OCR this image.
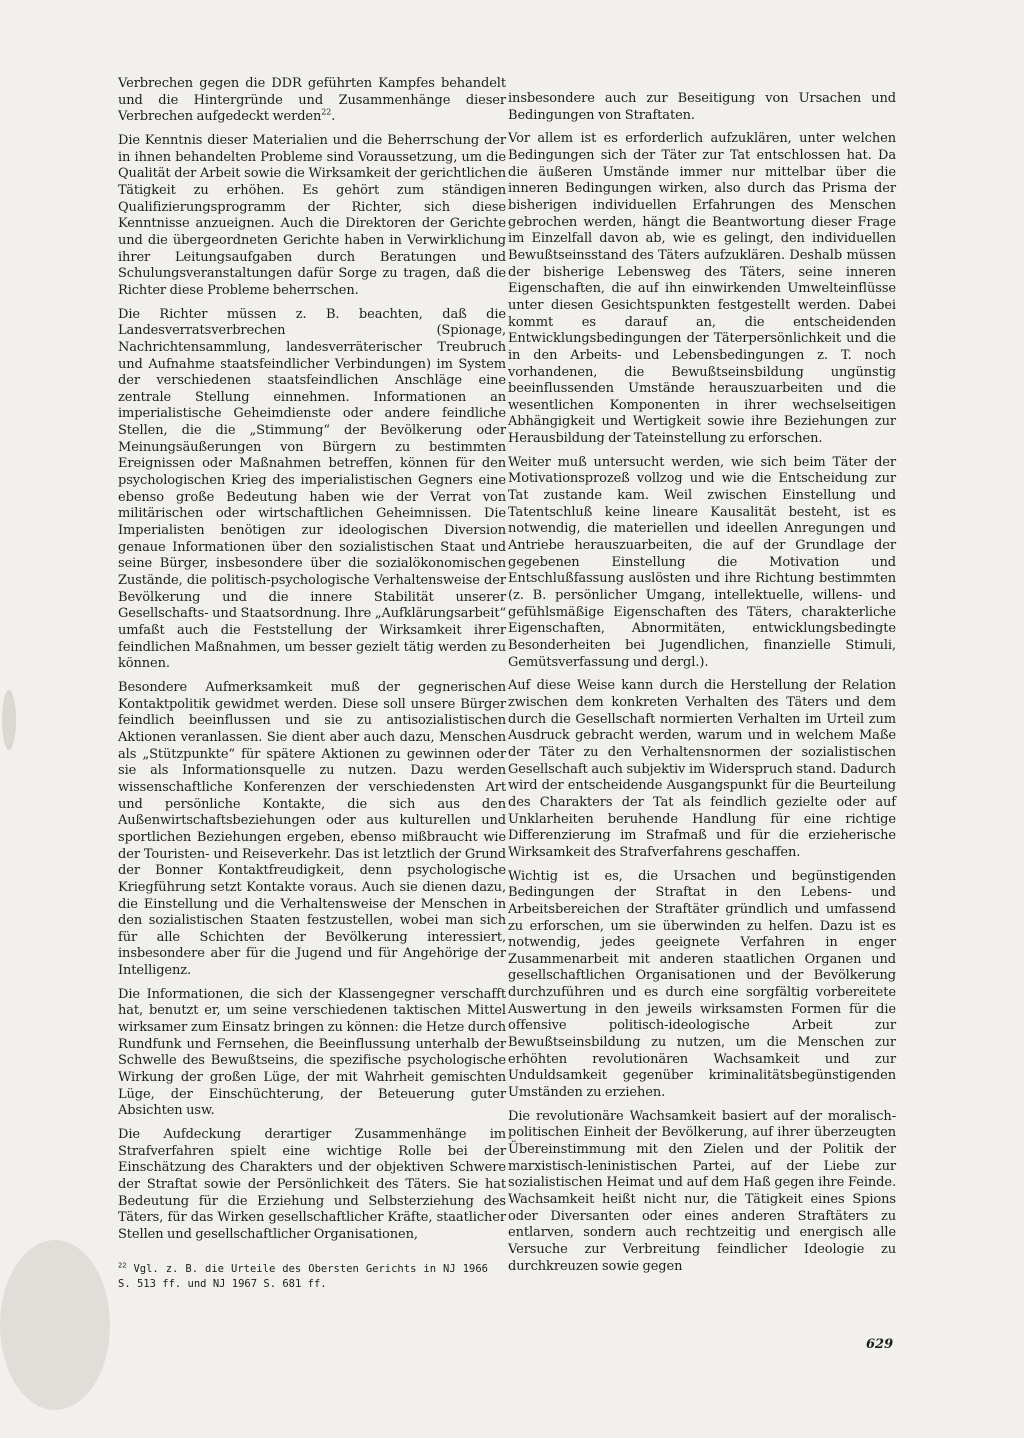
Verbrechen gegen die DDR geführten Kampfes behandelt und die Hintergründe und Zusammenhänge dieser Verbrechen aufgedeckt werden$^{22}$.

Die Kenntnis dieser Materialien und die Beherrschung der in ihnen behandelten Probleme sind Voraussetzung, um die Qualität der Arbeit sowie die Wirksamkeit der gerichtlichen Tätigkeit zu erhöhen. Es gehört zum ständigen Qualifizierungsprogramm der Richter, sich diese Kenntnisse anzueignen. Auch die Direktoren der Gerichte und die übergeordneten Gerichte haben in Verwirklichung ihrer Leitungsaufgaben durch Beratungen und Schulungsveranstaltungen dafür Sorge zu tragen, daß die Richter diese Probleme beherrschen.

Die Richter müssen z. B. beachten, daß die Landesverratsverbrechen (Spionage, Nachrichtensammlung, landesverräterischer Treubruch und Aufnahme staatsfeindlicher Verbindungen) im System der verschiedenen staatsfeindlichen Anschläge eine zentrale Stellung einnehmen. Informationen an imperialistische Geheimdienste oder andere feindliche Stellen, die die „Stimmung“ der Bevölkerung oder Meinungsäußerungen von Bürgern zu bestimmten Ereignissen oder Maßnahmen betreffen, können für den psychologischen Krieg des imperialistischen Gegners eine ebenso große Bedeutung haben wie der Verrat von militärischen oder wirtschaftlichen Geheimnissen. Die Imperialisten benötigen zur ideologischen Diversion genaue Informationen über den sozialistischen Staat und seine Bürger, insbesondere über die sozialökonomischen Zustände, die politisch-psychologische Verhaltensweise der Bevölkerung und die innere Stabilität unserer Gesellschafts- und Staatsordnung. Ihre „Aufklärungsarbeit“ umfaßt auch die Feststellung der Wirksamkeit ihrer feindlichen Maßnahmen, um besser gezielt tätig werden zu können.

Besondere Aufmerksamkeit muß der gegnerischen Kontaktpolitik gewidmet werden. Diese soll unsere Bürger feindlich beeinflussen und sie zu antisozialistischen Aktionen veranlassen. Sie dient aber auch dazu, Menschen als „Stützpunkte“ für spätere Aktionen zu gewinnen oder sie als Informationsquelle zu nutzen. Dazu werden wissenschaftliche Konferenzen der verschiedensten Art und persönliche Kontakte, die sich aus den Außenwirtschaftsbeziehungen oder aus kulturellen und sportlichen Beziehungen ergeben, ebenso mißbraucht wie der Touristen- und Reiseverkehr. Das ist letztlich der Grund der Bonner Kontaktfreudigkeit, denn psychologische Kriegführung setzt Kontakte voraus. Auch sie dienen dazu, die Einstellung und die Verhaltensweise der Menschen in den sozialistischen Staaten festzustellen, wobei man sich für alle Schichten der Bevölkerung interessiert, insbesondere aber für die Jugend und für Angehörige der Intelligenz.

Die Informationen, die sich der Klassengegner verschafft hat, benutzt er, um seine verschiedenen taktischen Mittel wirksamer zum Einsatz bringen zu können: die Hetze durch Rundfunk und Fernsehen, die Beeinflussung unterhalb der Schwelle des Bewußtseins, die spezifische psychologische Wirkung der großen Lüge, der mit Wahrheit gemischten Lüge, der Einschüchterung, der Beteuerung guter Absichten usw.

Die Aufdeckung derartiger Zusammenhänge im Strafverfahren spielt eine wichtige Rolle bei der Einschätzung des Charakters und der objektiven Schwere der Straftat sowie der Persönlichkeit des Täters. Sie hat Bedeutung für die Erziehung und Selbsterziehung des Täters, für das Wirken gesellschaftlicher Kräfte, staatlicher Stellen und gesellschaftlicher Organisationen,

insbesondere auch zur Beseitigung von Ursachen und Bedingungen von Straftaten.

Vor allem ist es erforderlich aufzuklären, unter welchen Bedingungen sich der Täter zur Tat entschlossen hat. Da die äußeren Umstände immer nur mittelbar über die inneren Bedingungen wirken, also durch das Prisma der bisherigen individuellen Erfahrungen des Menschen gebrochen werden, hängt die Beantwortung dieser Frage im Einzelfall davon ab, wie es gelingt, den individuellen Bewußtseinsstand des Täters aufzuklären. Deshalb müssen der bisherige Lebensweg des Täters, seine inneren Eigenschaften, die auf ihn einwirkenden Umwelteinflüsse unter diesen Gesichtspunkten festgestellt werden. Dabei kommt es darauf an, die entscheidenden Entwicklungsbedingungen der Täterpersönlichkeit und die in den Arbeits- und Lebensbedingungen z. T. noch vorhandenen, die Bewußtseinsbildung ungünstig beeinflussenden Umstände herauszuarbeiten und die wesentlichen Komponenten in ihrer wechselseitigen Abhängigkeit und Wertigkeit sowie ihre Beziehungen zur Herausbildung der Tateinstellung zu erforschen.

Weiter muß untersucht werden, wie sich beim Täter der Motivationsprozeß vollzog und wie die Entscheidung zur Tat zustande kam. Weil zwischen Einstellung und Tatentschluß keine lineare Kausalität besteht, ist es notwendig, die materiellen und ideellen Anregungen und Antriebe herauszuarbeiten, die auf der Grundlage der gegebenen Einstellung die Motivation und Entschlußfassung auslösten und ihre Richtung bestimmten (z. B. persönlicher Umgang, intellektuelle, willens- und gefühlsmäßige Eigenschaften des Täters, charakterliche Eigenschaften, Abnormitäten, entwicklungsbedingte Besonderheiten bei Jugendlichen, finanzielle Stimuli, Gemütsverfassung und dergl.).

Auf diese Weise kann durch die Herstellung der Relation zwischen dem konkreten Verhalten des Täters und dem durch die Gesellschaft normierten Verhalten im Urteil zum Ausdruck gebracht werden, warum und in welchem Maße der Täter zu den Verhaltensnormen der sozialistischen Gesellschaft auch subjektiv im Widerspruch stand. Dadurch wird der entscheidende Ausgangspunkt für die Beurteilung des Charakters der Tat als feindlich gezielte oder auf Unklarheiten beruhende Handlung für eine richtige Differenzierung im Strafmaß und für die erzieherische Wirksamkeit des Strafverfahrens geschaffen.

Wichtig ist es, die Ursachen und begünstigenden Bedingungen der Straftat in den Lebens- und Arbeitsbereichen der Straftäter gründlich und umfassend zu erforschen, um sie überwinden zu helfen. Dazu ist es notwendig, jedes geeignete Verfahren in enger Zusammenarbeit mit anderen staatlichen Organen und gesellschaftlichen Organisationen und der Bevölkerung durchzuführen und es durch eine sorgfältig vorbereitete Auswertung in den jeweils wirksamsten Formen für die offensive politisch-ideologische Arbeit zur Bewußtseinsbildung zu nutzen, um die Menschen zur erhöhten revolutionären Wachsamkeit und zur Unduldsamkeit gegenüber kriminalitätsbegünstigenden Umständen zu erziehen.

Die revolutionäre Wachsamkeit basiert auf der moralisch-politischen Einheit der Bevölkerung, auf ihrer überzeugten Übereinstimmung mit den Zielen und der Politik der marxistisch-leninistischen Partei, auf der Liebe zur sozialistischen Heimat und auf dem Haß gegen ihre Feinde. Wachsamkeit heißt nicht nur, die Tätigkeit eines Spions oder Diversanten oder eines anderen Straftäters zu entlarven, sondern auch rechtzeitig und energisch alle Versuche zur Verbreitung feindlicher Ideologie zu durchkreuzen sowie gegen

$^{22}$ Vgl. z. B. die Urteile des Obersten Gerichts in NJ 1966 S. 513 ff. und NJ 1967 S. 681 ff.
629
